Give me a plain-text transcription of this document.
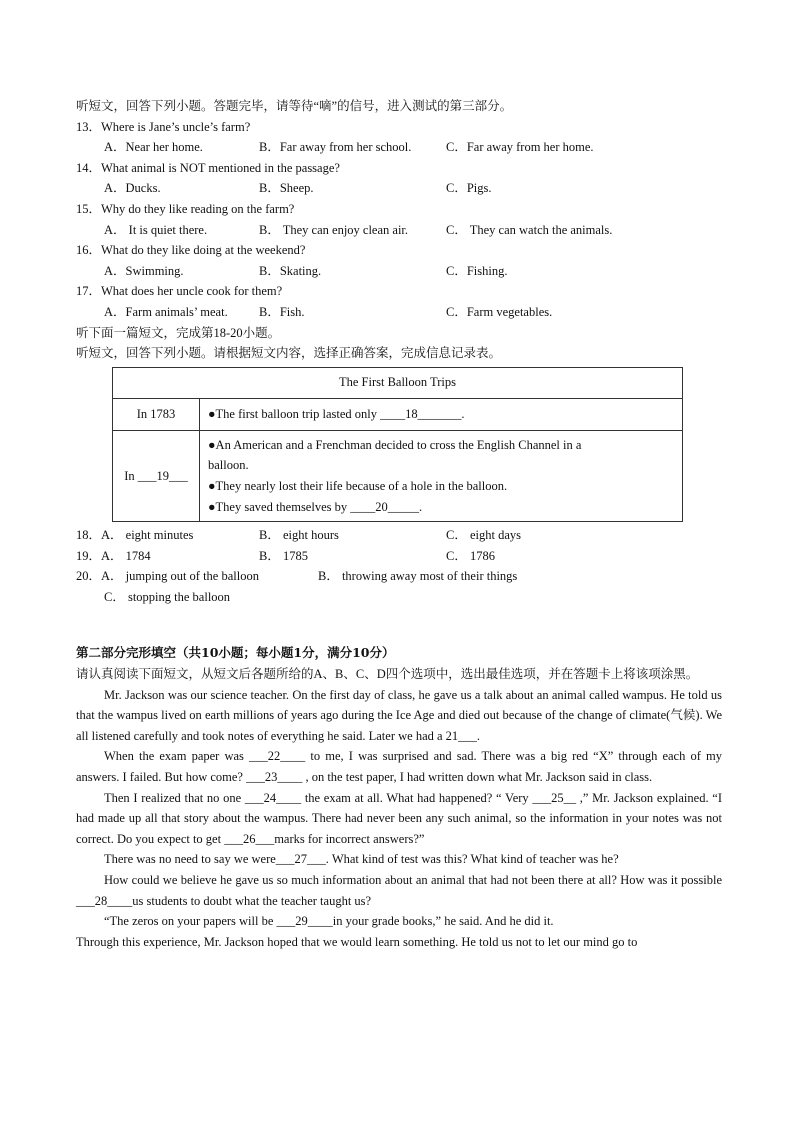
听短文，回答下列小题。答题完毕，请等待“嘀”的信号，进入测试的第三部分。
13．Where is Jane’s uncle’s farm?
A．Near her home.	B．Far away from her school.	C．Far away from her home.
14．What animal is NOT mentioned in the passage?
A．Ducks.	B．Sheep.	C．Pigs.
15．Why do they like reading on the farm?
A． It is quiet there.	B． They can enjoy clean air.	C． They can watch the animals.
16．What do they like doing at the weekend?
A．Swimming.	B．Skating.	C．Fishing.
17．What does her uncle cook for them?
A．Farm animals’ meat.	B．Fish.	C．Farm vegetables.
听下面一篇短文，完成第18-20小题。
听短文，回答下列小题。请根据短文内容，选择正确答案，完成信息记录表。
The First Balloon Trips	
In 1783	●The first balloon trip lasted only ____18_______.
In ___19___	●An American and a Frenchman decided to cross the English Channel in a
balloon.
●They nearly lost their life because of a hole in the balloon.
●They saved themselves by ____20_____.
18．A． eight minutes	B． eight hours	C． eight days
19．A． 1784	B． 1785	C． 1786
20．A． jumping out of the balloon	B． throwing away most of their things
C． stopping the balloon
第二部分完形填空（共10小题；每小题1分，满分10分）
请认真阅读下面短文，从短文后各题所给的A、B、C、D四个选项中，选出最佳选项，并在答题卡上将该项涂黑。
Mr. Jackson was our science teacher. On the first day of class, he gave us a talk about an animal called wampus. He told us that the wampus lived on earth millions of years ago during the Ice Age and died out because of the change of climate(气候). We all listened carefully and took notes of everything he said. Later we had a 21___.
When the exam paper was ___22____ to me, I was surprised and sad. There was a big red “X” through each of my answers. I failed. But how come? ___23____ , on the test paper, I had written down what Mr. Jackson said in class.
Then I realized that no one ___24____ the exam at all. What had happened? “ Very ___25__ ,” Mr. Jackson explained. “I had made up all that story about the wampus. There had never been any such animal, so the information in your notes was not correct. Do you expect to get ___26___marks for incorrect answers?”
There was no need to say we were___27___. What kind of test was this? What kind of teacher was he?
How could we believe he gave us so much information about an animal that had not been there at all? How was it possible ___28____us students to doubt what the teacher taught us?
“The zeros on your papers will be ___29____in your grade books,” he said. And he did it.
Through this experience, Mr. Jackson hoped that we would learn something. He told us not to let our mind go to
